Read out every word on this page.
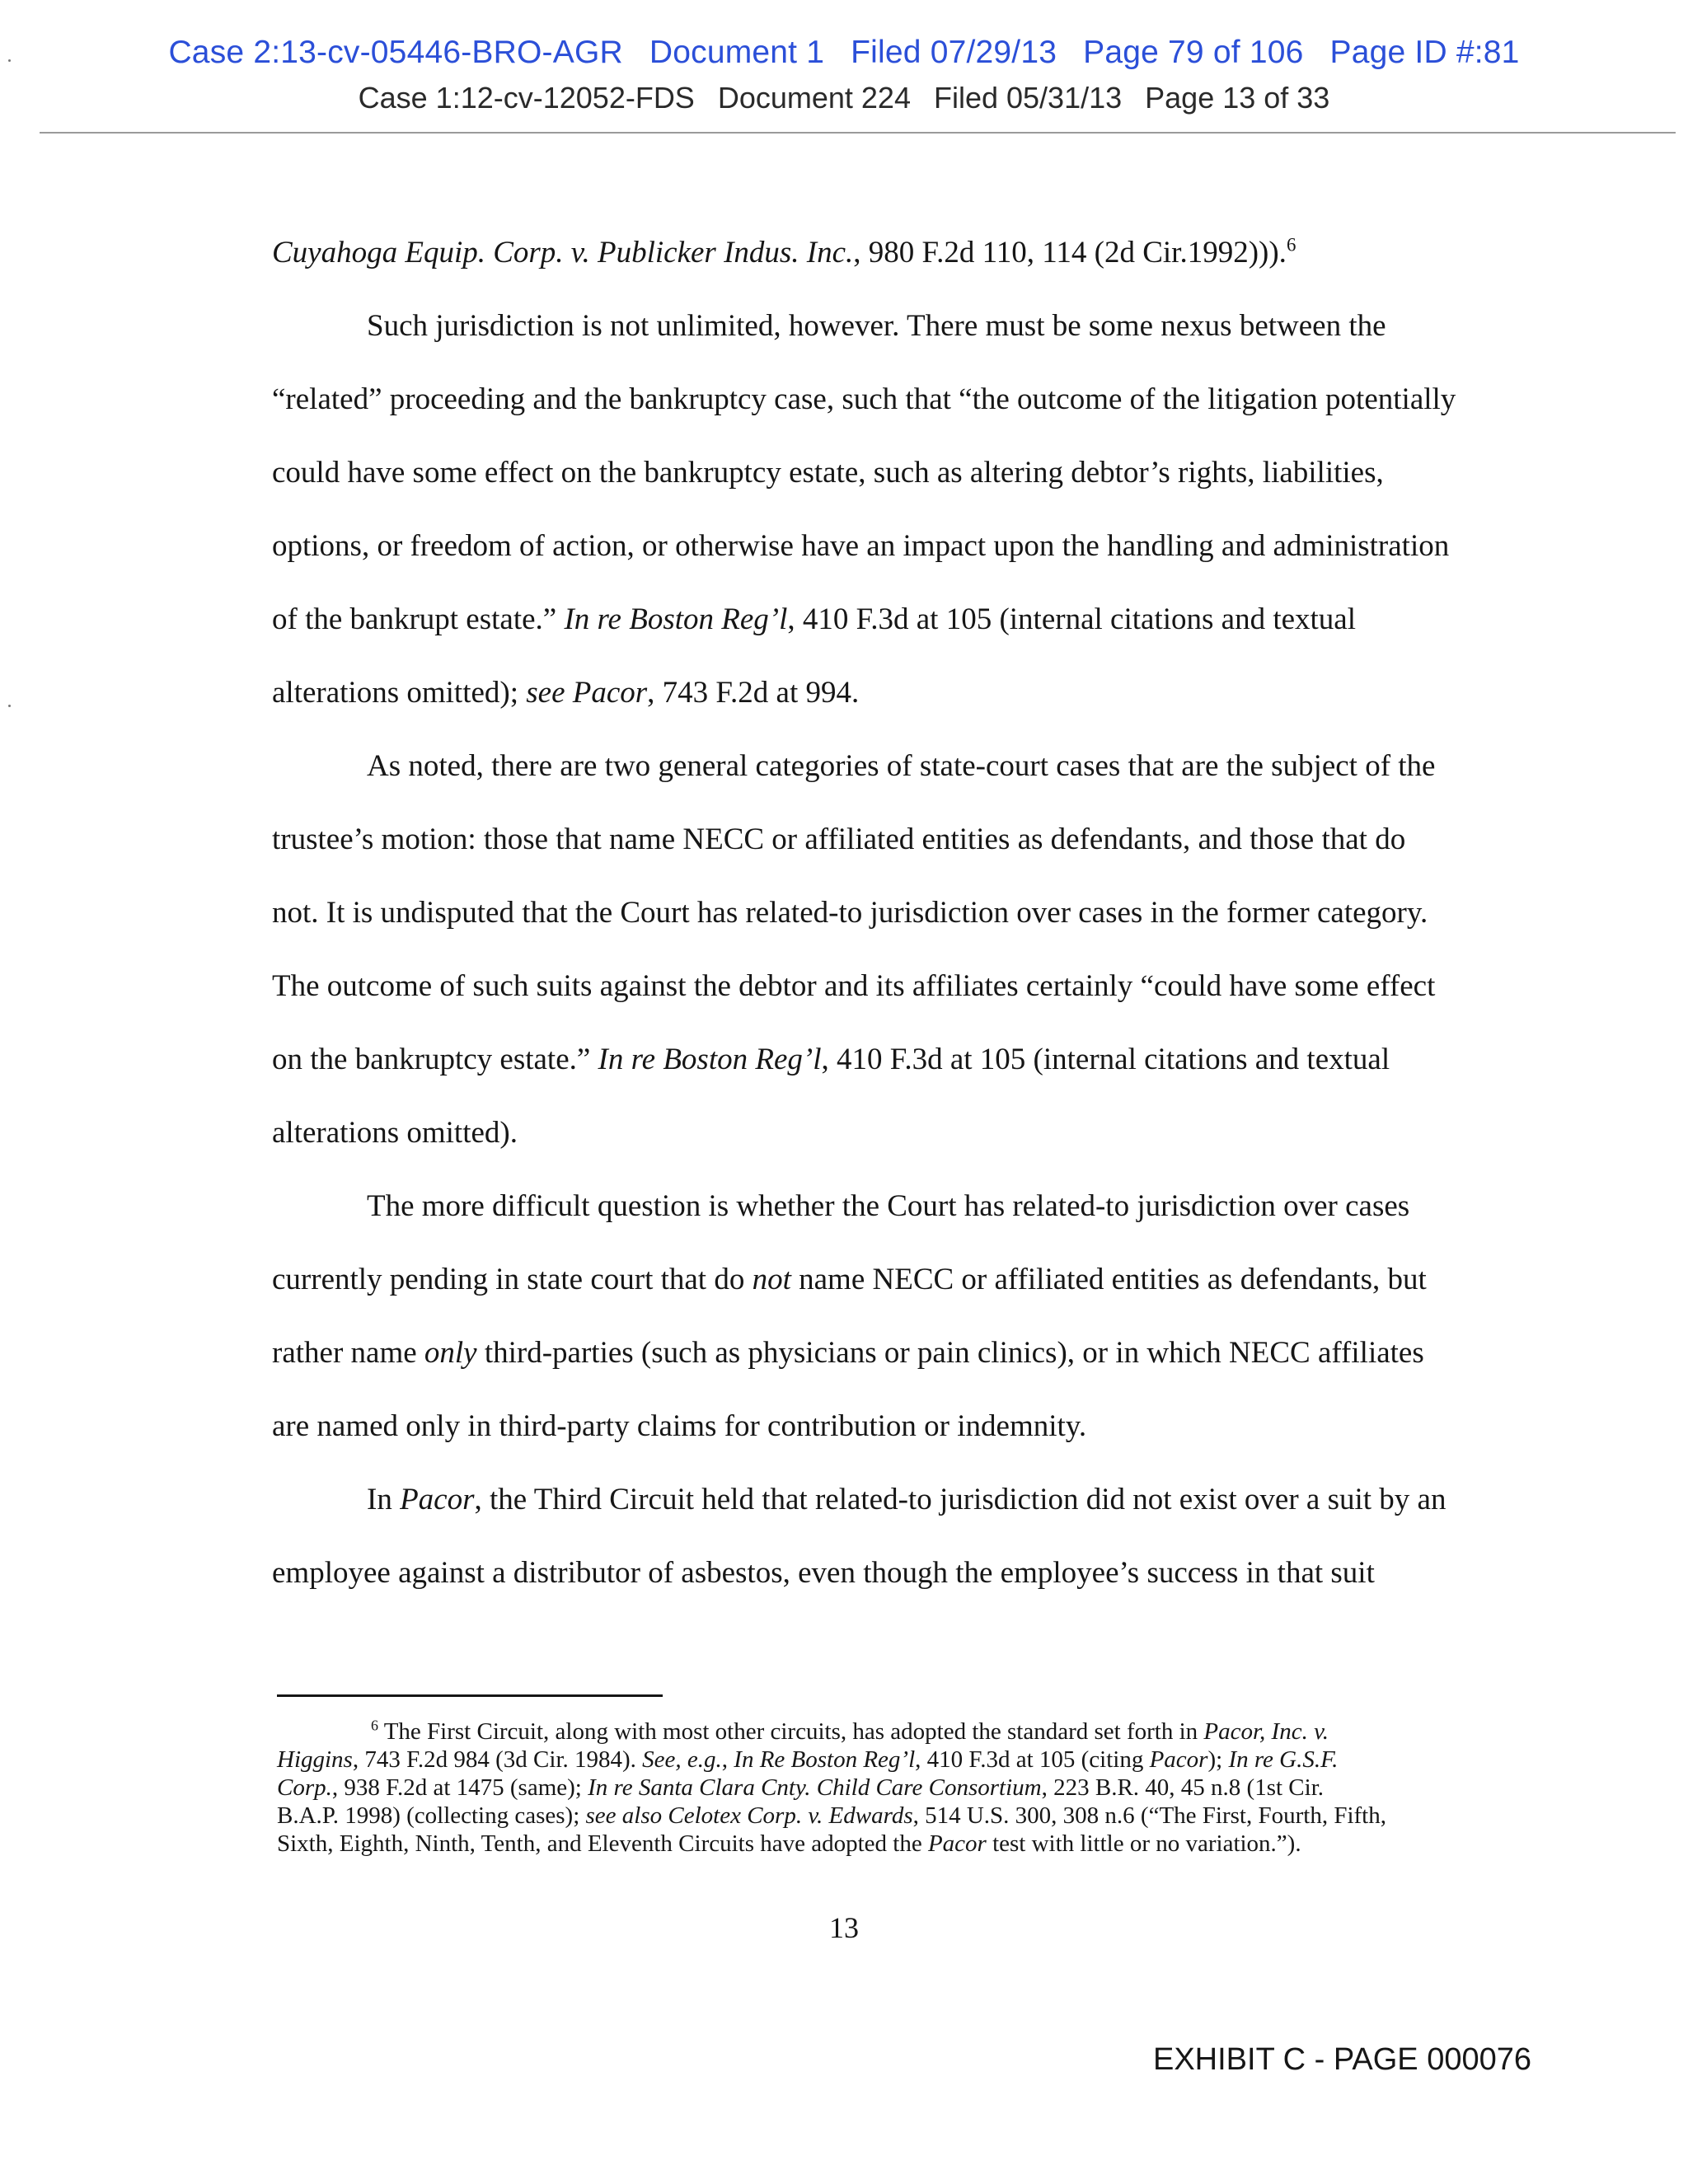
Case 2:13-cv-05446-BRO-AGR Document 1 Filed 07/29/13 Page 79 of 106 Page ID #:81
Case 1:12-cv-12052-FDS Document 224 Filed 05/31/13 Page 13 of 33
Cuyahoga Equip. Corp. v. Publicker Indus. Inc., 980 F.2d 110, 114 (2d Cir.1992))).$^6$
Such jurisdiction is not unlimited, however. There must be some nexus between the
“related” proceeding and the bankruptcy case, such that “the outcome of the litigation potentially
could have some effect on the bankruptcy estate, such as altering debtor’s rights, liabilities,
options, or freedom of action, or otherwise have an impact upon the handling and administration
of the bankrupt estate.” In re Boston Reg’l, 410 F.3d at 105 (internal citations and textual
alterations omitted); see Pacor, 743 F.2d at 994.
As noted, there are two general categories of state-court cases that are the subject of the
trustee’s motion: those that name NECC or affiliated entities as defendants, and those that do
not. It is undisputed that the Court has related-to jurisdiction over cases in the former category.
The outcome of such suits against the debtor and its affiliates certainly “could have some effect
on the bankruptcy estate.” In re Boston Reg’l, 410 F.3d at 105 (internal citations and textual
alterations omitted).
The more difficult question is whether the Court has related-to jurisdiction over cases
currently pending in state court that do not name NECC or affiliated entities as defendants, but
rather name only third-parties (such as physicians or pain clinics), or in which NECC affiliates
are named only in third-party claims for contribution or indemnity.
In Pacor, the Third Circuit held that related-to jurisdiction did not exist over a suit by an
employee against a distributor of asbestos, even though the employee’s success in that suit
$^6$ The First Circuit, along with most other circuits, has adopted the standard set forth in Pacor, Inc. v.
Higgins, 743 F.2d 984 (3d Cir. 1984). See, e.g., In Re Boston Reg’l, 410 F.3d at 105 (citing Pacor); In re G.S.F.
Corp., 938 F.2d at 1475 (same); In re Santa Clara Cnty. Child Care Consortium, 223 B.R. 40, 45 n.8 (1st Cir.
B.A.P. 1998) (collecting cases); see also Celotex Corp. v. Edwards, 514 U.S. 300, 308 n.6 (“The First, Fourth, Fifth,
Sixth, Eighth, Ninth, Tenth, and Eleventh Circuits have adopted the Pacor test with little or no variation.”).
13
EXHIBIT C - PAGE 000076
